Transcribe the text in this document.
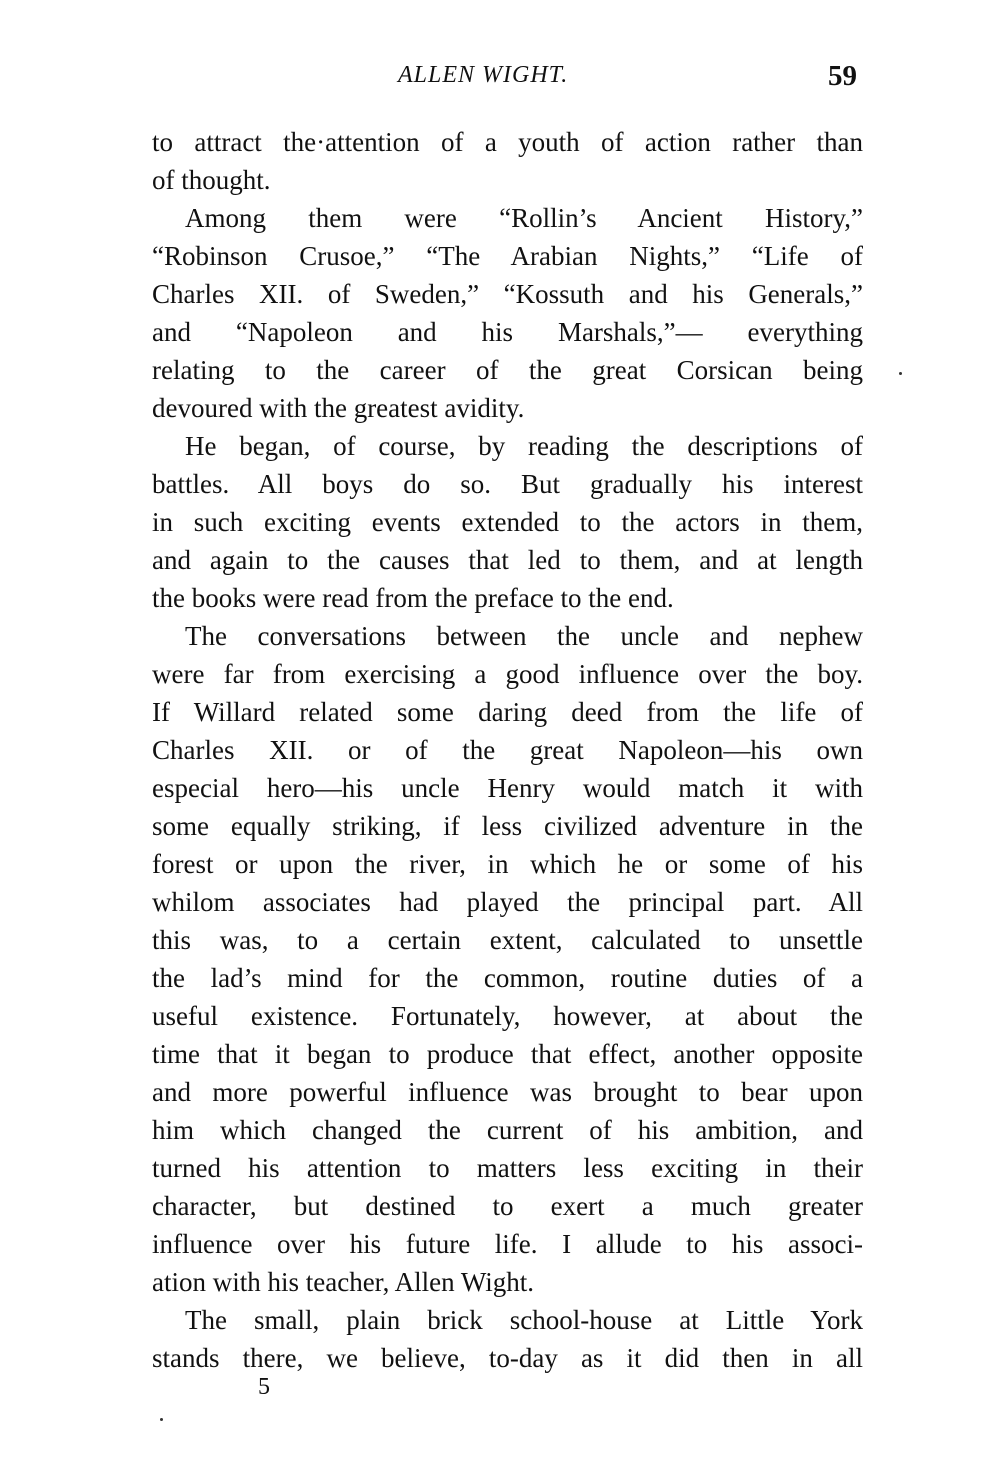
ALLEN WIGHT.	59
to attract the·attention of a youth of action rather than
of thought.
Among them were “Rollin’s Ancient History,”
“Robinson Crusoe,” “The Arabian Nights,” “Life of
Charles XII. of Sweden,” “Kossuth and his Generals,”
and “Napoleon and his Marshals,”— everything
relating to the career of the great Corsican being
devoured with the greatest avidity.
He began, of course, by reading the descriptions of
battles. All boys do so. But gradually his interest
in such exciting events extended to the actors in them,
and again to the causes that led to them, and at length
the books were read from the preface to the end.
The conversations between the uncle and nephew
were far from exercising a good influence over the boy.
If Willard related some daring deed from the life of
Charles XII. or of the great Napoleon—his own
especial hero—his uncle Henry would match it with
some equally striking, if less civilized adventure in the
forest or upon the river, in which he or some of his
whilom associates had played the principal part. All
this was, to a certain extent, calculated to unsettle
the lad’s mind for the common, routine duties of a
useful existence. Fortunately, however, at about the
time that it began to produce that effect, another opposite
and more powerful influence was brought to bear upon
him which changed the current of his ambition, and
turned his attention to matters less exciting in their
character, but destined to exert a much greater
influence over his future life. I allude to his associ-
ation with his teacher, Allen Wight.
The small, plain brick school-house at Little York
stands there, we believe, to-day as it did then in all
5
